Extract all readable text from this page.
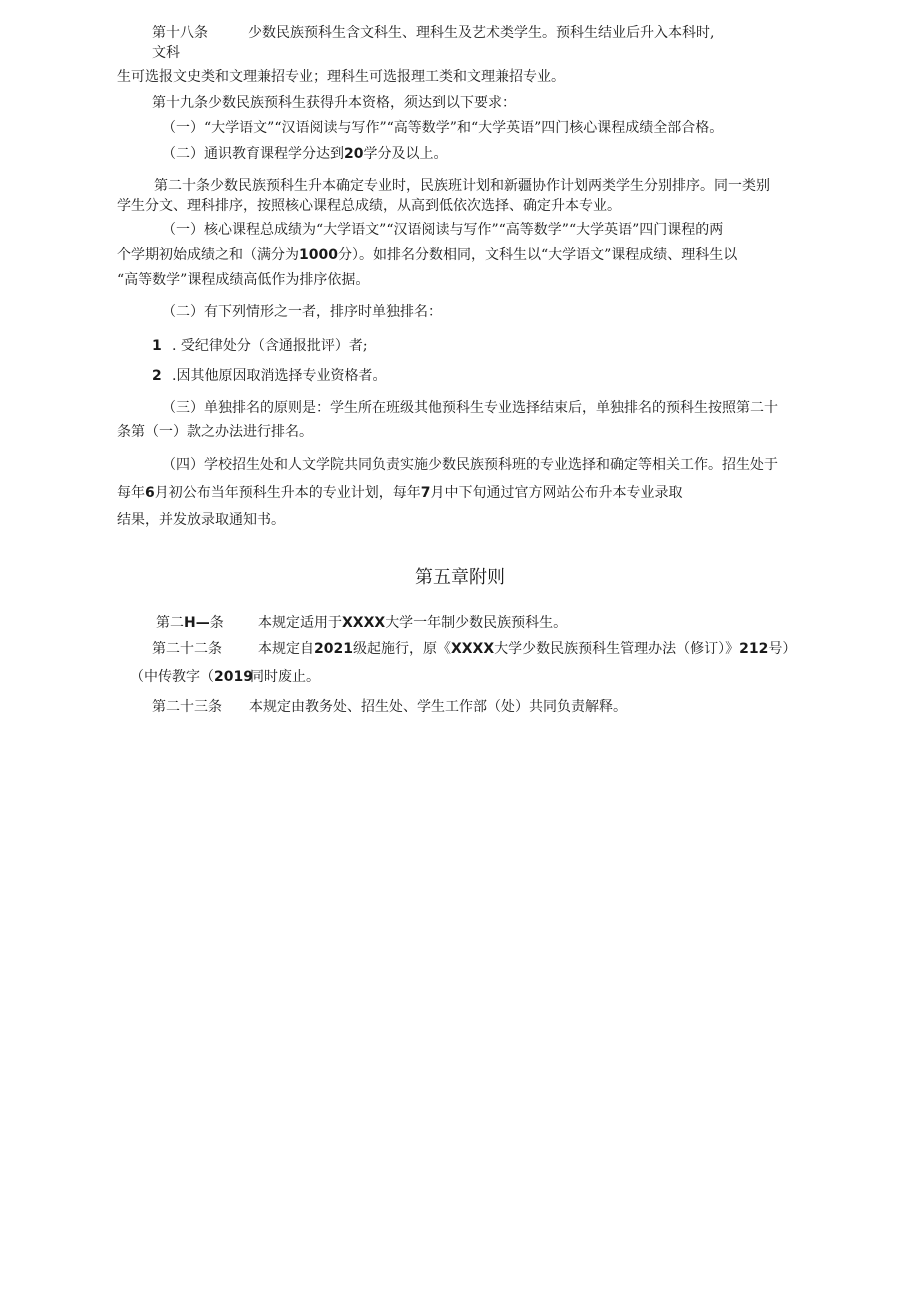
第十八条	少数民族预科生含文科生、理科生及艺术类学生。预科生结业后升入本科时,

文科

生可选报文史类和文理兼招专业；理科生可选报理工类和文理兼招专业。

第十九条少数民族预科生获得升本资格，须达到以下要求：

（一）“大学语文”“汉语阅读与写作”“高等数学”和“大学英语”四门核心课程成绩全部合格。

（二）通识教育课程学分达到20学分及以上。

第二十条少数民族预科生升本确定专业时，民族班计划和新疆协作计划两类学生分别排序。同一类别

学生分文、理科排序，按照核心课程总成绩，从高到低依次选择、确定升本专业。

（一）核心课程总成绩为“大学语文”“汉语阅读与写作”“高等数学”“大学英语”四门课程的两

个学期初始成绩之和（满分为1000分）。如排名分数相同，文科生以“大学语文”课程成绩、理科生以

“高等数学”课程成绩高低作为排序依据。

（二）有下列情形之一者，排序时单独排名：

1 . 受纪律处分（含通报批评）者;

2 .因其他原因取消选择专业资格者。

（三）单独排名的原则是：学生所在班级其他预科生专业选择结束后，单独排名的预科生按照第二十

条第（一）款之办法进行排名。

（四）学校招生处和人文学院共同负责实施少数民族预科班的专业选择和确定等相关工作。招生处于

每年6月初公布当年预科生升本的专业计划，每年7月中下旬通过官方网站公布升本专业录取

结果，并发放录取通知书。

第五章附则

第二H—条 本规定适用于XXXX大学一年制少数民族预科生。

第二十二条	本规定自2021级起施行，原《XXXX大学少数民族预科生管理办法（修订）》212号）

（中传教字（2019同时废止。

第二十三条 本规定由教务处、招生处、学生工作部（处）共同负责解释。
